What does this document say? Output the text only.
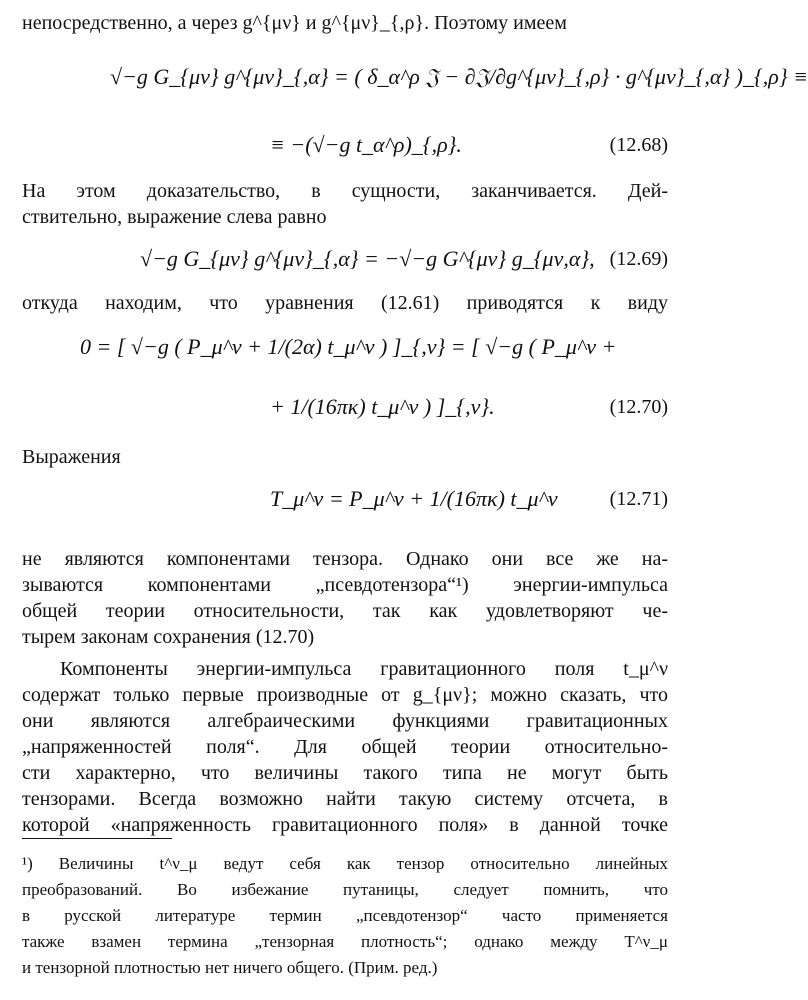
непосредственно, а через g^{μν} и g^{μν}_{,ρ}. Поэтому имеем
√−g G_{μν} g^{μν}_{,α} = ( δ_α^ρ 𝔍 − ∂𝔍/∂g^{μν}_{,ρ} · g^{μν}_{,α} )_{,ρ} ≡
≡ −(√−g t_α^ρ)_{,ρ}.	(12.68)
На этом доказательство, в сущности, заканчивается. Дей-
ствительно, выражение слева равно
√−g G_{μν} g^{μν}_{,α} = −√−g G^{μν} g_{μν,α}, (12.69)
откуда находим, что уравнения (12.61) приводятся к виду
0 = [ √−g ( P_μ^ν + 1/(2α) t_μ^ν ) ]_{,ν} = [ √−g ( P_μ^ν +
+ 1/(16πκ) t_μ^ν ) ]_{,ν}.	(12.70)
Выражения
T_μ^ν = P_μ^ν + 1/(16πκ) t_μ^ν	(12.71)
не являются компонентами тензора. Однако они все же на-
зываются компонентами „псевдотензора“¹) энергии-импульса
общей теории относительности, так как удовлетворяют че-
тырем законам сохранения (12.70)
Компоненты энергии-импульса гравитационного поля t_μ^ν
содержат только первые производные от g_{μν}; можно сказать, что
они являются алгебраическими функциями гравитационных
„напряженностей поля“. Для общей теории относительно-
сти характерно, что величины такого типа не могут быть
тензорами. Всегда возможно найти такую систему отсчета, в
которой «напряженность гравитационного поля» в данной точке
¹) Величины t^ν_μ ведут себя как тензор относительно линейных
преобразований. Во избежание путаницы, следует помнить, что
в русской литературе термин „псевдотензор“ часто применяется
также взамен термина „тензорная плотность“; однако между T^ν_μ
и тензорной плотностью нет ничего общего. (Прим. ред.)
